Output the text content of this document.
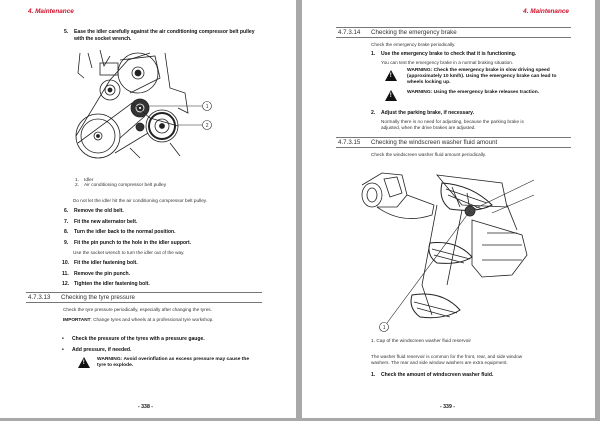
4. Maintenance
5. Ease the idler carefully against the air conditioning compressor belt pulley
with the socket wrench.
1
2
1. Idler
2. Air conditioning compressor belt pulley
Do not let the idler hit the air conditioning compressor belt pulley.
6. Remove the old belt.
7. Fit the new alternator belt.
8. Turn the idler back to the normal position.
9. Fit the pin punch to the hole in the idler support.
Use the socket wrench to turn the idler out of the way.
10. Fit the idler fastening bolt.
11. Remove the pin punch.
12. Tighten the idler fastening bolt.
4.7.3.13 Checking the tyre pressure
Check the tyre pressure periodically, especially after changing the tyres.
IMPORTANT: Change tyres and wheels at a professional tyre workshop.
• Check the pressure of the tyres with a pressure gauge.
• Add pressure, if needed.
!
WARNING: Avoid overinflation as excess pressure may cause the
tyre to explode.
- 338 -
4. Maintenance
4.7.3.14 Checking the emergency brake
Check the emergency brake periodically.
1. Use the emergency brake to check that it is functioning.
You can test the emergency brake in a normal braking situation.
!
WARNING: Check the emergency brake in slow driving speed
(approximately 10 km/h). Using the emergency brake can lead to
wheels locking up.
!
WARNING: Using the emergency brake releases traction.
2. Adjust the parking brake, if necessary.
Normally there is no need for adjusting, because the parking brake is
adjusted, when the drive brakes are adjusted.
4.7.3.15 Checking the windscreen washer fluid amount
Check the windscreen washer fluid amount periodically.
1
1. Cap of the windscreen washer fluid reservoir
The washer fluid reservoir is common for the front, rear, and side window
washers. The rear and side window washers are extra equipment.
1. Check the amount of windscreen washer fluid.
- 339 -
